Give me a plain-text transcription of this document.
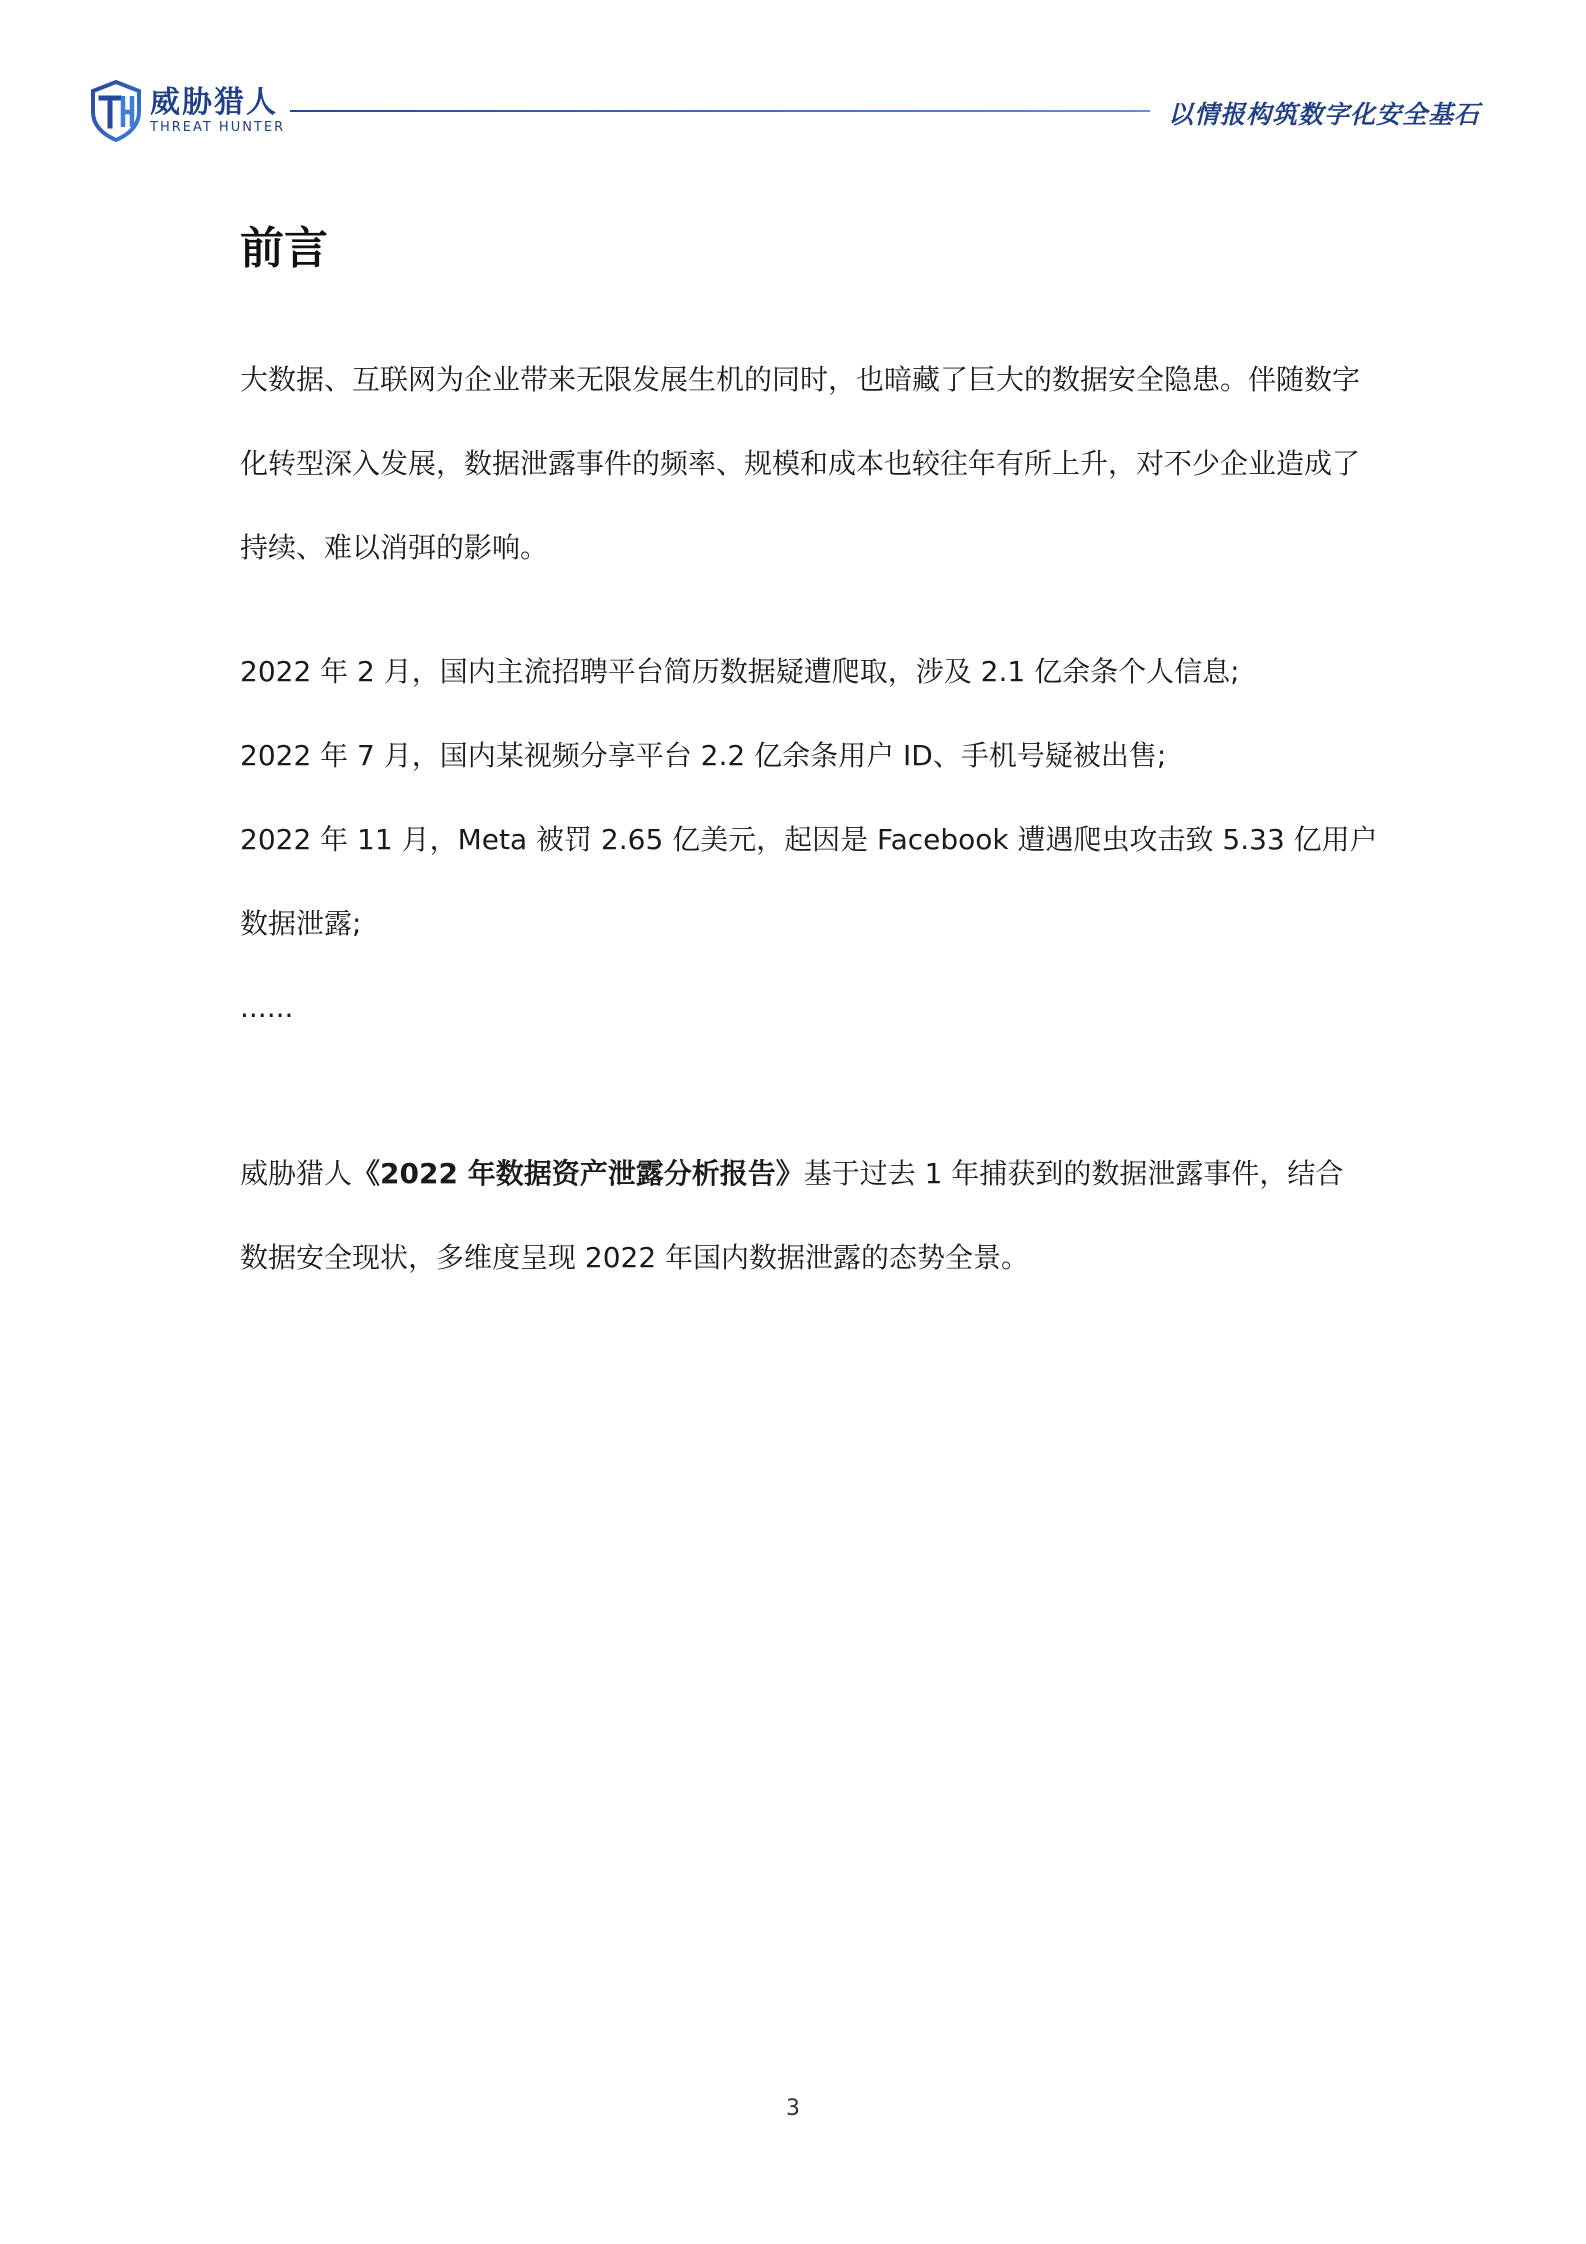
威胁猎人
THREAT HUNTER	以情报构筑数字化安全基石
前言

大数据、互联网为企业带来无限发展生机的同时，也暗藏了巨大的数据安全隐患。伴随数字化转型深入发展，数据泄露事件的频率、规模和成本也较往年有所上升，对不少企业造成了持续、难以消弭的影响。

2022 年 2 月，国内主流招聘平台简历数据疑遭爬取，涉及 2.1 亿余条个人信息;
2022 年 7 月，国内某视频分享平台 2.2 亿余条用户 ID、手机号疑被出售;
2022 年 11 月，Meta 被罚 2.65 亿美元，起因是 Facebook 遭遇爬虫攻击致 5.33 亿用户
数据泄露;
......

威胁猎人《2022 年数据资产泄露分析报告》基于过去 1 年捕获到的数据泄露事件，结合数据安全现状，多维度呈现 2022 年国内数据泄露的态势全景。

3
